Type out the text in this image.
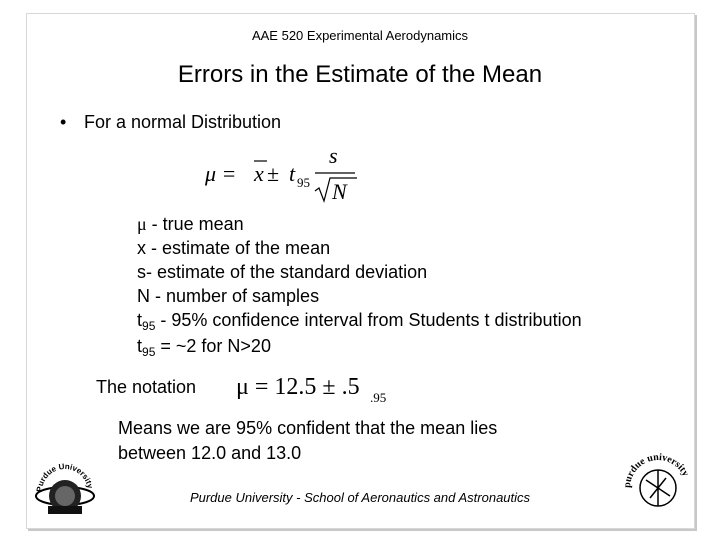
AAE 520 Experimental Aerodynamics
Errors in the Estimate of the Mean
• For a normal Distribution
μ = x ± t 95
s
N
μ - true mean
x - estimate of the mean
s- estimate of the standard deviation
N - number of samples
$t_{95} - 95\%$ confidence interval from Students t distribution
$t_{95}$ = ~2 for N>20
The notation μ = 12.5 ± .5 .95
Means we are 95% confident that the mean lies
between 12.0 and 13.0
Purdue University - School of Aeronautics and Astronautics
Purdue University	purdue university
